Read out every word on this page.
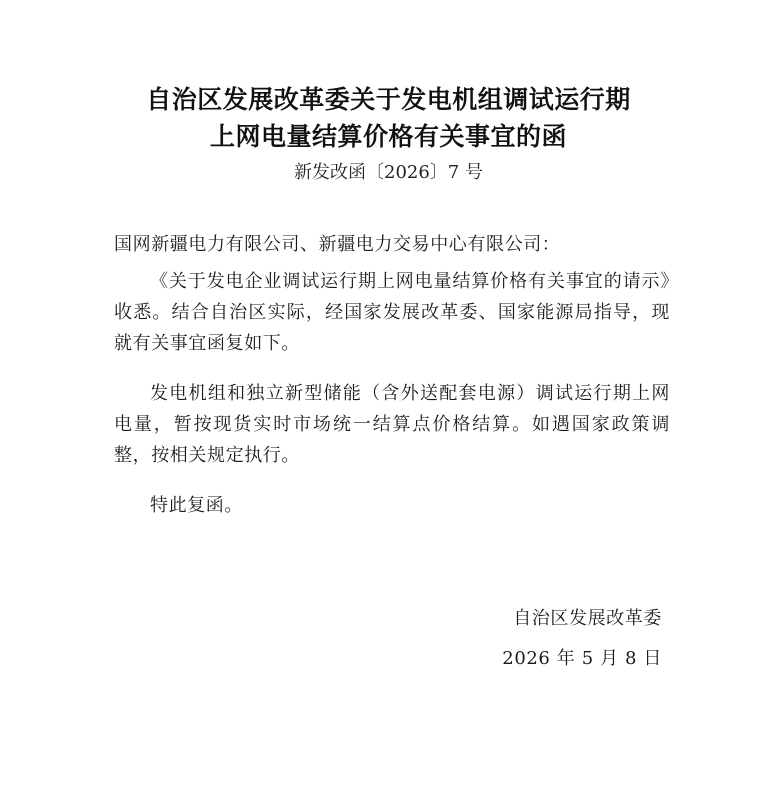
自治区发展改革委关于发电机组调试运行期
上网电量结算价格有关事宜的函
新发改函〔2026〕7 号
国网新疆电力有限公司、新疆电力交易中心有限公司：
《关于发电企业调试运行期上网电量结算价格有关事宜的请示》收悉。结合自治区实际，经国家发展改革委、国家能源局指导，现就有关事宜函复如下。
发电机组和独立新型储能（含外送配套电源）调试运行期上网电量，暂按现货实时市场统一结算点价格结算。如遇国家政策调整，按相关规定执行。
特此复函。
自治区发展改革委
2026 年 5 月 8 日
